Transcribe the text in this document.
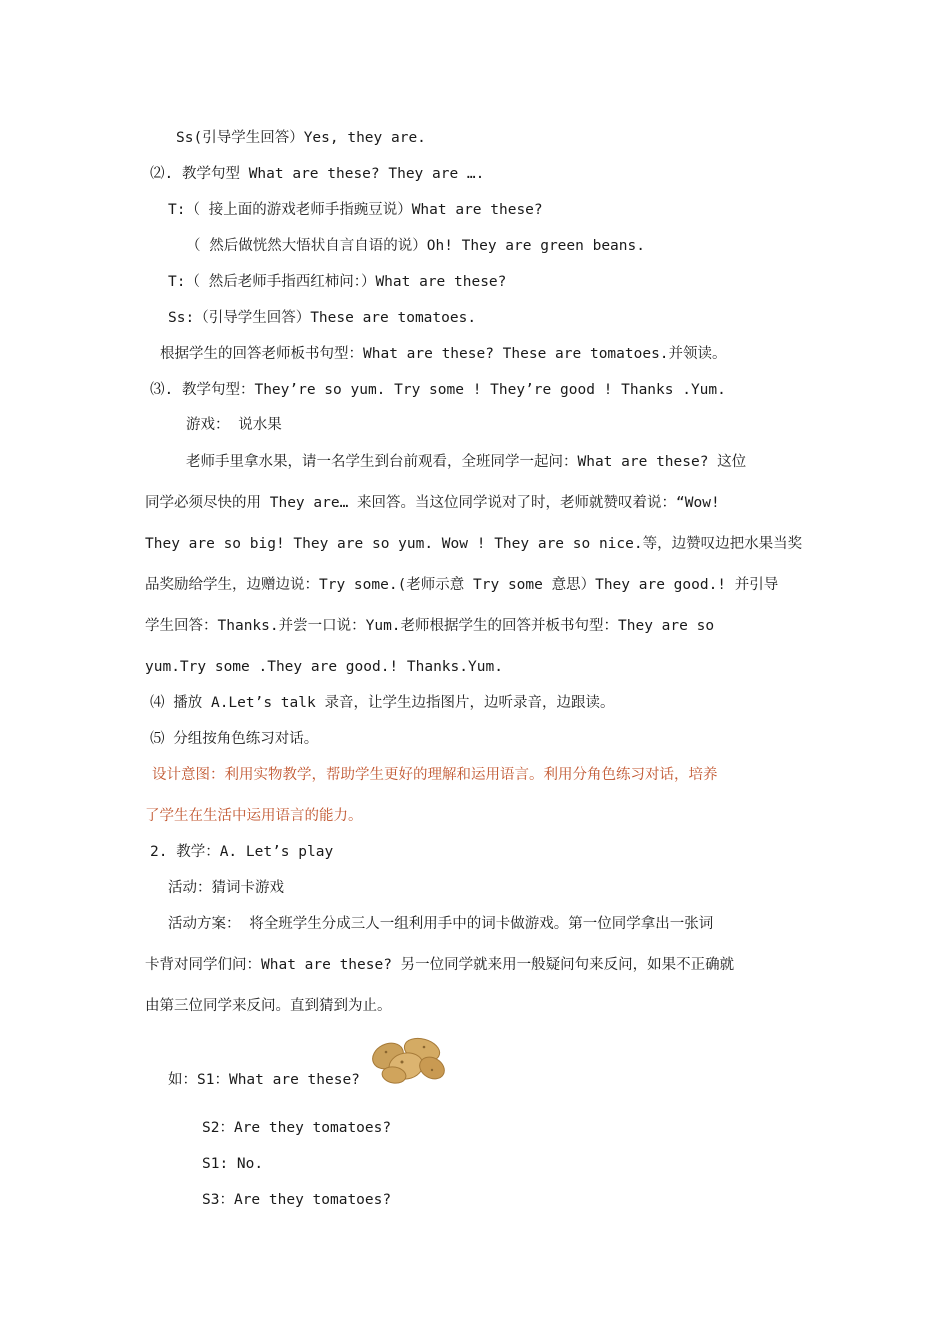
Ss(引导学生回答）Yes, they are.
⑵. 教学句型 What are these? They are ….
T:（ 接上面的游戏老师手指豌豆说）What are these?
（ 然后做恍然大悟状自言自语的说）Oh! They are green beans.
T:（ 然后老师手指西红柿问：）What are these?
Ss:（引导学生回答）These are tomatoes.
根据学生的回答老师板书句型：What are these? These are tomatoes.并领读。
⑶. 教学句型：They’re so yum. Try some ! They’re good ! Thanks .Yum.
游戏： 说水果
老师手里拿水果，请一名学生到台前观看，全班同学一起问：What are these? 这位
同学必须尽快的用 They are… 来回答。当这位同学说对了时，老师就赞叹着说：“Wow!
They are so big! They are so yum. Wow ! They are so nice.等，边赞叹边把水果当奖
品奖励给学生，边赠边说：Try some.(老师示意 Try some 意思）They are good.! 并引导
学生回答：Thanks.并尝一口说：Yum.老师根据学生的回答并板书句型：They are so
yum.Try some .They are good.! Thanks.Yum.
⑷ 播放 A.Let’s talk 录音，让学生边指图片，边听录音，边跟读。
⑸ 分组按角色练习对话。
设计意图：利用实物教学，帮助学生更好的理解和运用语言。利用分角色练习对话，培养
了学生在生活中运用语言的能力。
2. 教学：A. Let’s play
活动：猜词卡游戏
活动方案： 将全班学生分成三人一组利用手中的词卡做游戏。第一位同学拿出一张词
卡背对同学们问：What are these? 另一位同学就来用一般疑问句来反问，如果不正确就
由第三位同学来反问。直到猜到为止。
如：S1：What are these?
S2：Are they tomatoes?
S1: No.
S3：Are they tomatoes?
